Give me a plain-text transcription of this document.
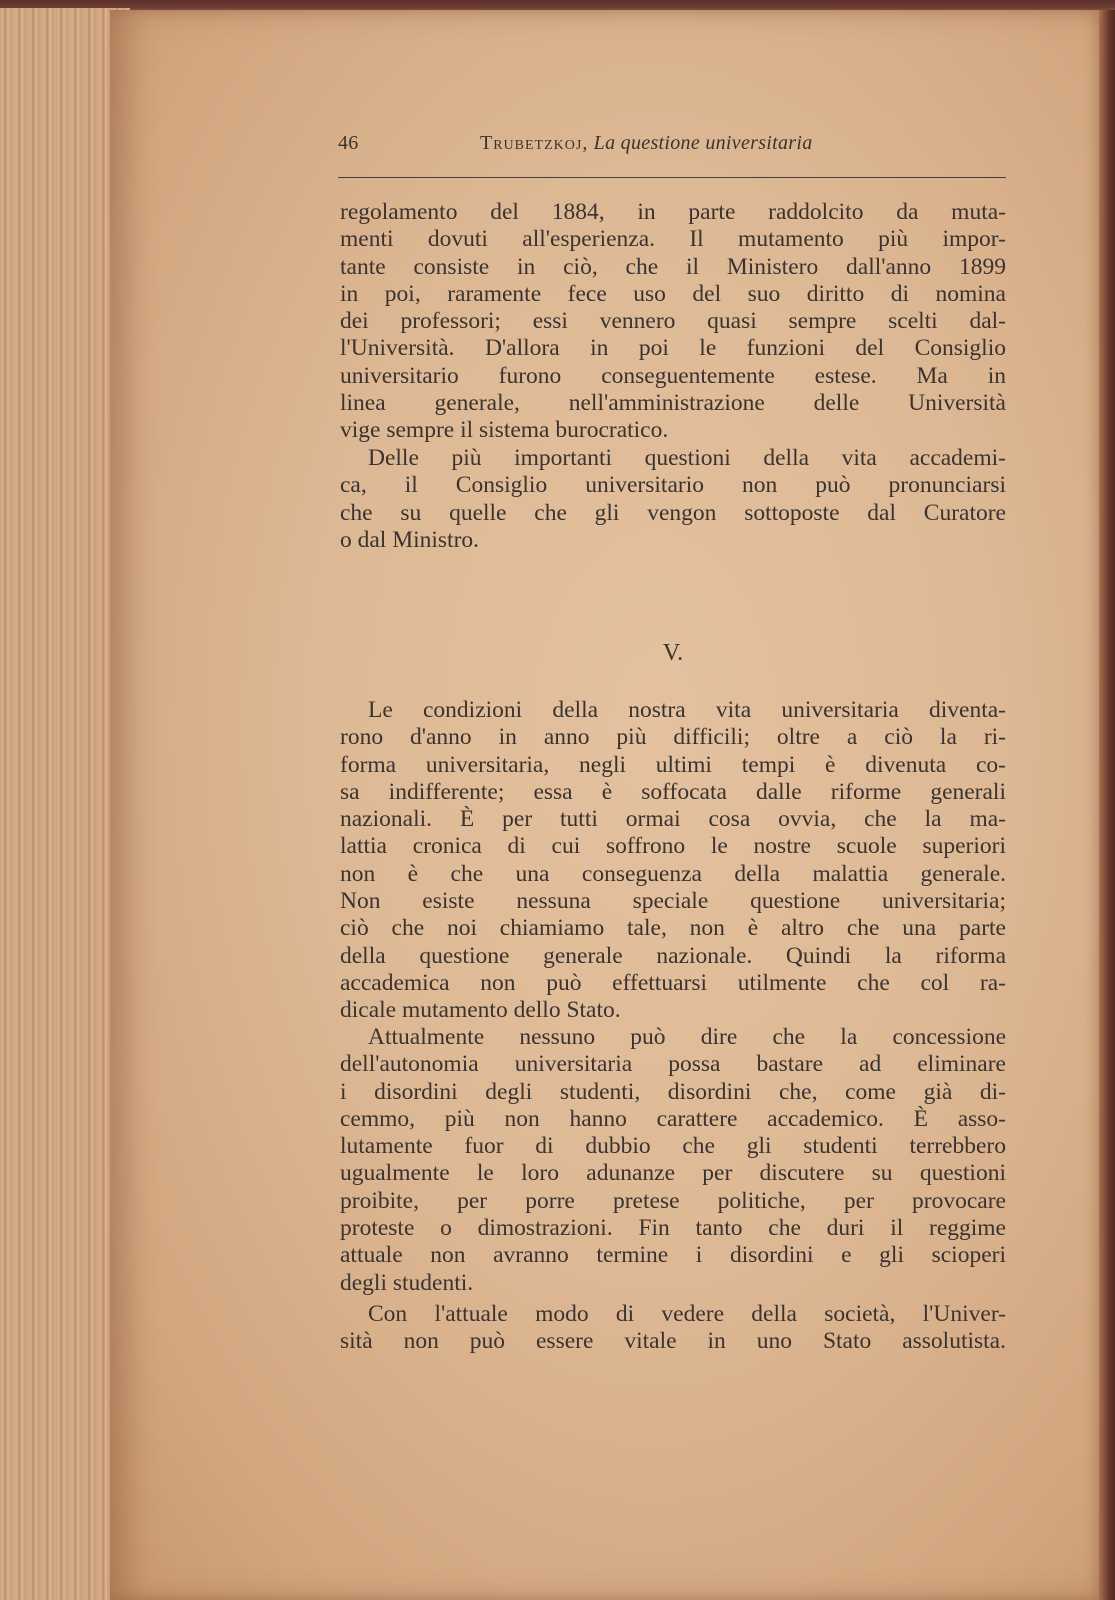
46	Trubetzkoj, La questione universitaria
regolamento del 1884, in parte raddolcito da muta-
menti dovuti all'esperienza. Il mutamento più impor-
tante consiste in ciò, che il Ministero dall'anno 1899
in poi, raramente fece uso del suo diritto di nomina
dei professori; essi vennero quasi sempre scelti dal-
l'Università. D'allora in poi le funzioni del Consiglio
universitario furono conseguentemente estese. Ma in
linea generale, nell'amministrazione delle Università
vige sempre il sistema burocratico.
Delle più importanti questioni della vita accademi-
ca, il Consiglio universitario non può pronunciarsi
che su quelle che gli vengon sottoposte dal Curatore
o dal Ministro.
V.
Le condizioni della nostra vita universitaria diventa-
rono d'anno in anno più difficili; oltre a ciò la ri-
forma universitaria, negli ultimi tempi è divenuta co-
sa indifferente; essa è soffocata dalle riforme generali
nazionali. È per tutti ormai cosa ovvia, che la ma-
lattia cronica di cui soffrono le nostre scuole superiori
non è che una conseguenza della malattia generale.
Non esiste nessuna speciale questione universitaria;
ciò che noi chiamiamo tale, non è altro che una parte
della questione generale nazionale. Quindi la riforma
accademica non può effettuarsi utilmente che col ra-
dicale mutamento dello Stato.
Attualmente nessuno può dire che la concessione
dell'autonomia universitaria possa bastare ad eliminare
i disordini degli studenti, disordini che, come già di-
cemmo, più non hanno carattere accademico. È asso-
lutamente fuor di dubbio che gli studenti terrebbero
ugualmente le loro adunanze per discutere su questioni
proibite, per porre pretese politiche, per provocare
proteste o dimostrazioni. Fin tanto che duri il reggime
attuale non avranno termine i disordini e gli scioperi
degli studenti.
Con l'attuale modo di vedere della società, l'Univer-
sità non può essere vitale in uno Stato assolutista.
